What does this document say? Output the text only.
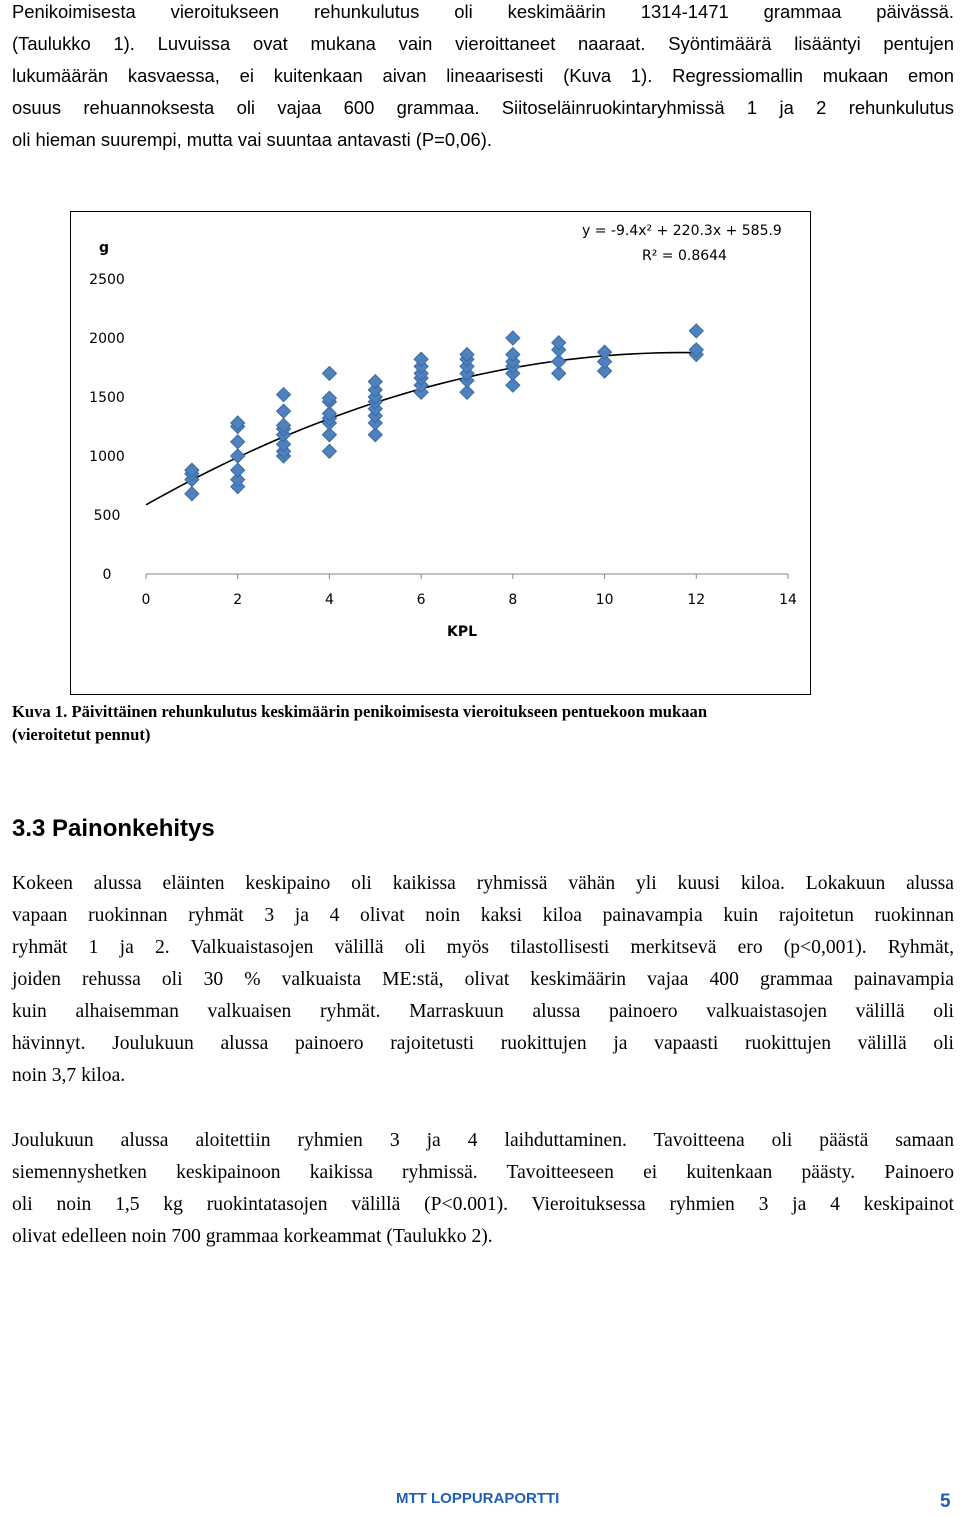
Penikoimisesta vieroitukseen rehunkulutus oli keskimäärin 1314-1471 grammaa päivässä.
(Taulukko 1). Luvuissa ovat mukana vain vieroittaneet naaraat. Syöntimäärä lisääntyi pentujen
lukumäärän kasvaessa, ei kuitenkaan aivan lineaarisesti (Kuva 1). Regressiomallin mukaan emon
osuus rehuannoksesta oli vajaa 600 grammaa. Siitoseläinruokintaryhmissä 1 ja 2 rehunkulutus
oli hieman suurempi, mutta vai suuntaa antavasti (P=0,06).
0	2	4	6	8	10	12	14
0
500
1000
1500
2000
2500
g
KPL
y = -9.4x² + 220.3x + 585.9
R² = 0.8644
Kuva 1. Päivittäinen rehunkulutus keskimäärin penikoimisesta vieroitukseen pentuekoon mukaan
(vieroitetut pennut)
3.3 Painonkehitys
Kokeen alussa eläinten keskipaino oli kaikissa ryhmissä vähän yli kuusi kiloa. Lokakuun alussa
vapaan ruokinnan ryhmät 3 ja 4 olivat noin kaksi kiloa painavampia kuin rajoitetun ruokinnan
ryhmät 1 ja 2. Valkuaistasojen välillä oli myös tilastollisesti merkitsevä ero (p<0,001). Ryhmät,
joiden rehussa oli 30 % valkuaista ME:stä, olivat keskimäärin vajaa 400 grammaa painavampia
kuin alhaisemman valkuaisen ryhmät. Marraskuun alussa painoero valkuaistasojen välillä oli
hävinnyt. Joulukuun alussa painoero rajoitetusti ruokittujen ja vapaasti ruokittujen välillä oli
noin 3,7 kiloa.
Joulukuun alussa aloitettiin ryhmien 3 ja 4 laihduttaminen. Tavoitteena oli päästä samaan
siemennyshetken keskipainoon kaikissa ryhmissä. Tavoitteeseen ei kuitenkaan päästy. Painoero
oli noin 1,5 kg ruokintatasojen välillä (P<0.001). Vieroituksessa ryhmien 3 ja 4 keskipainot
olivat edelleen noin 700 grammaa korkeammat (Taulukko 2).
MTT LOPPURAPORTTI	5
